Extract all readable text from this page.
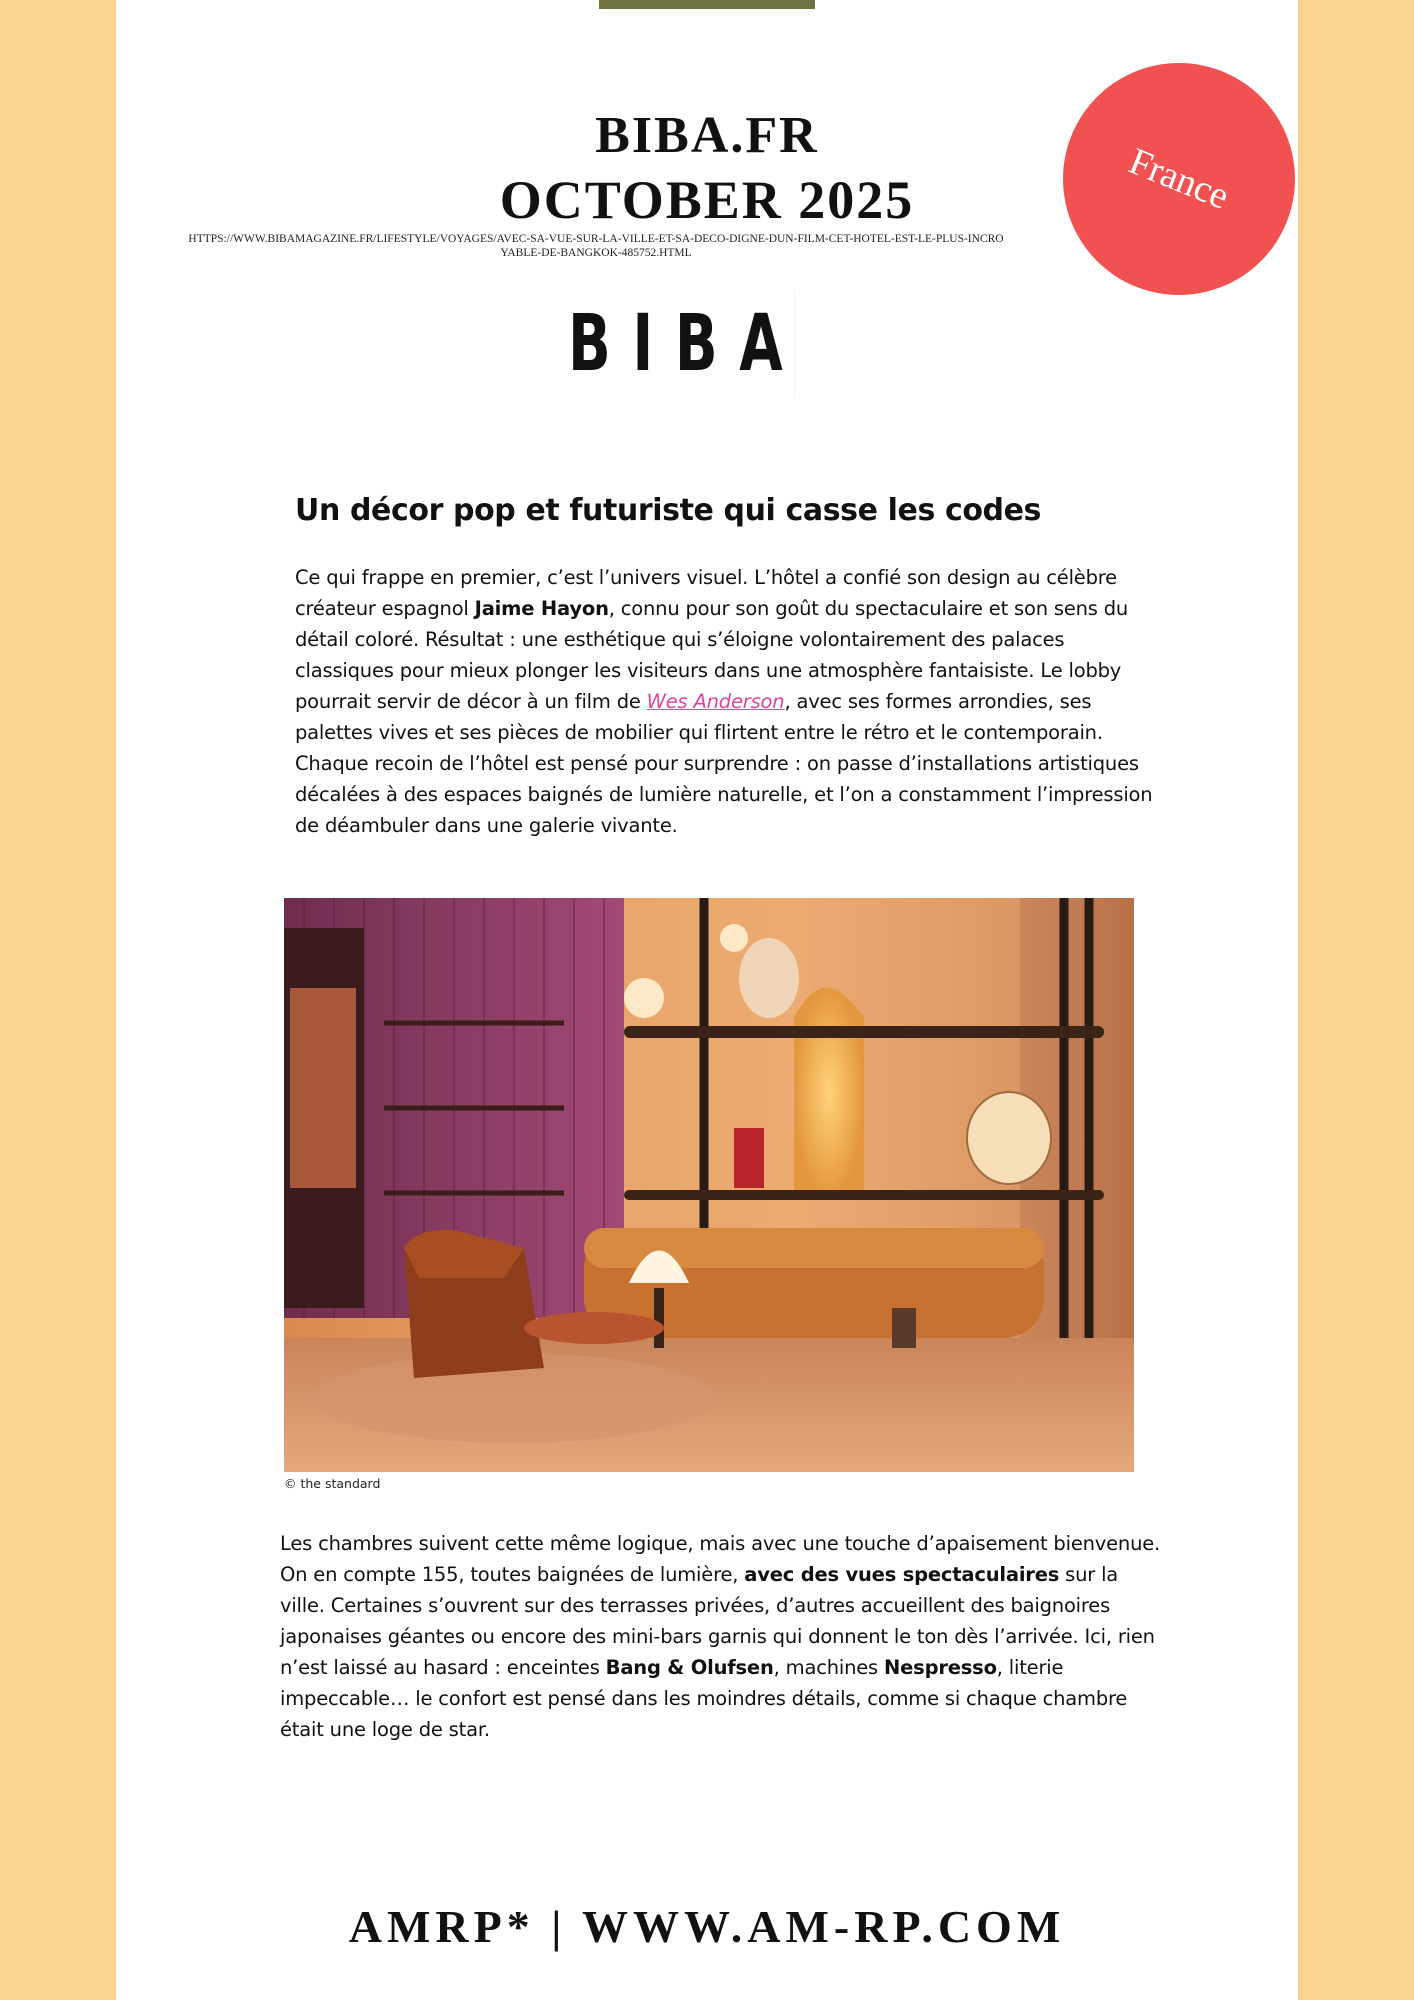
BIBA.FR
OCTOBER 2025
HTTPS://WWW.BIBAMAGAZINE.FR/LIFESTYLE/VOYAGES/AVEC-SA-VUE-SUR-LA-VILLE-ET-SA-DECO-DIGNE-DUN-FILM-CET-HOTEL-EST-LE-PLUS-INCROYABLE-DE-BANGKOK-485752.HTML
France
BIBA
Un décor pop et futuriste qui casse les codes
Ce qui frappe en premier, c’est l’univers visuel. L’hôtel a confié son design au célèbre créateur espagnol Jaime Hayon, connu pour son goût du spectaculaire et son sens du détail coloré. Résultat : une esthétique qui s’éloigne volontairement des palaces classiques pour mieux plonger les visiteurs dans une atmosphère fantaisiste. Le lobby pourrait servir de décor à un film de Wes Anderson, avec ses formes arrondies, ses palettes vives et ses pièces de mobilier qui flirtent entre le rétro et le contemporain. Chaque recoin de l’hôtel est pensé pour surprendre : on passe d’installations artistiques décalées à des espaces baignés de lumière naturelle, et l’on a constamment l’impression de déambuler dans une galerie vivante.
© the standard
Les chambres suivent cette même logique, mais avec une touche d’apaisement bienvenue. On en compte 155, toutes baignées de lumière, avec des vues spectaculaires sur la ville. Certaines s’ouvrent sur des terrasses privées, d’autres accueillent des baignoires japonaises géantes ou encore des mini-bars garnis qui donnent le ton dès l’arrivée. Ici, rien n’est laissé au hasard : enceintes Bang & Olufsen, machines Nespresso, literie impeccable… le confort est pensé dans les moindres détails, comme si chaque chambre était une loge de star.
AMRP* | WWW.AM-RP.COM
